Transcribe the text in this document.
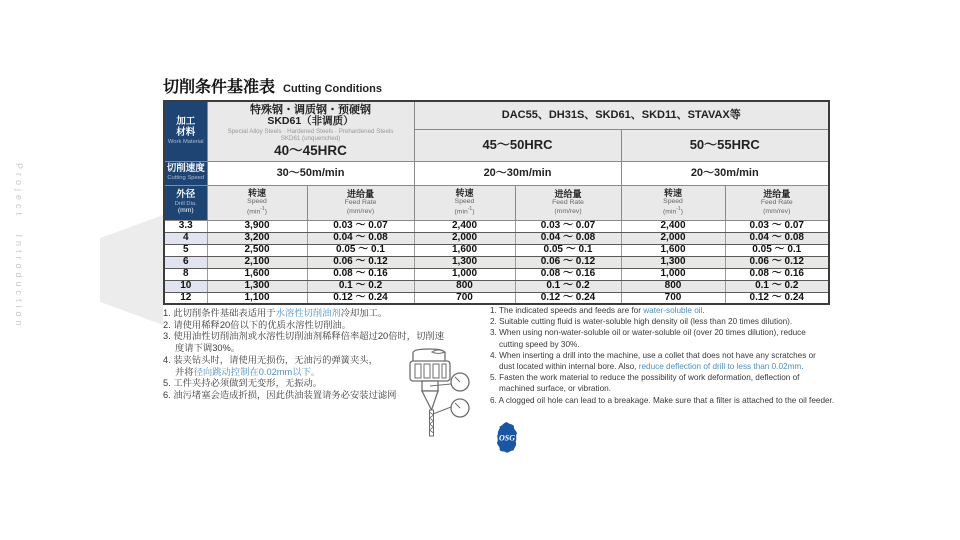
Project Introduction
切削条件基准表 Cutting Conditions
加工
材料
Work Material	特殊钢・调质钢・预硬钢
SKD61（非调质）
Special Alloy Steels · Hardened Steels · Prehardened Steels
SKD61 (unquenched)
40～45HRC		DAC55、DH31S、SKD61、SKD11、STAVAX等			
			45～50HRC		50～55HRC	

切削速度
Cutting Speed	30～50m/min		20～30m/min		20～30m/min	

外径
Drill Dia.
(mm)	转速
Speed
$(\min^{-1})$	进给量
Feed Rate
(mm/rev)	转速
Speed
$(\min^{-1})$	进给量
Feed Rate
(mm/rev)	转速
Speed
$(\min^{-1})$	进给量
Feed Rate
(mm/rev)

3.3	3,900	0.03 ～ 0.07	2,400	0.03 ～ 0.07	2,400	0.03 ～ 0.07
4	3,200	0.04 ～ 0.08	2,000	0.04 ～ 0.08	2,000	0.04 ～ 0.08
5	2,500	0.05 ～ 0.1	1,600	0.05 ～ 0.1	1,600	0.05 ～ 0.1
6	2,100	0.06 ～ 0.12	1,300	0.06 ～ 0.12	1,300	0.06 ～ 0.12
8	1,600	0.08 ～ 0.16	1,000	0.08 ～ 0.16	1,000	0.08 ～ 0.16
10	1,300	0.1 ～ 0.2	800	0.1 ～ 0.2	800	0.1 ～ 0.2
12	1,100	0.12 ～ 0.24	700	0.12 ～ 0.24	700	0.12 ～ 0.24
1. 此切削条件基础表适用于水溶性切削油剂冷却加工。
2. 请使用稀释20倍以下的优质水溶性切削油。
3. 使用油性切削油剂或水溶性切削油剂稀释倍率超过20倍时，切削速
度请下调30%。
4. 装夹钻头时，请使用无损伤，无油污的弹簧夹头，
并将径向跳动控制在0.02mm以下。
5. 工件夹持必须做到无变形，无振动。
6. 油污堵塞会造成折损，因此供油装置请务必安装过滤网
1. The indicated speeds and feeds are for water-soluble oil.
2. Suitable cutting fluid is water-soluble high density oil (less than 20 times dilution).
3. When using non-water-soluble oil or water-soluble oil (over 20 times dilution), reduce
cutting speed by 30%.
4. When inserting a drill into the machine, use a collet that does not have any scratches or
dust located within internal bore. Also, reduce deflection of drill to less than 0.02mm.
5. Fasten the work material to reduce the possibility of work deformation, deflection of
machined surface, or vibration.
6. A clogged oil hole can lead to a breakage. Make sure that a filter is attached to the oil feeder.
OSG
